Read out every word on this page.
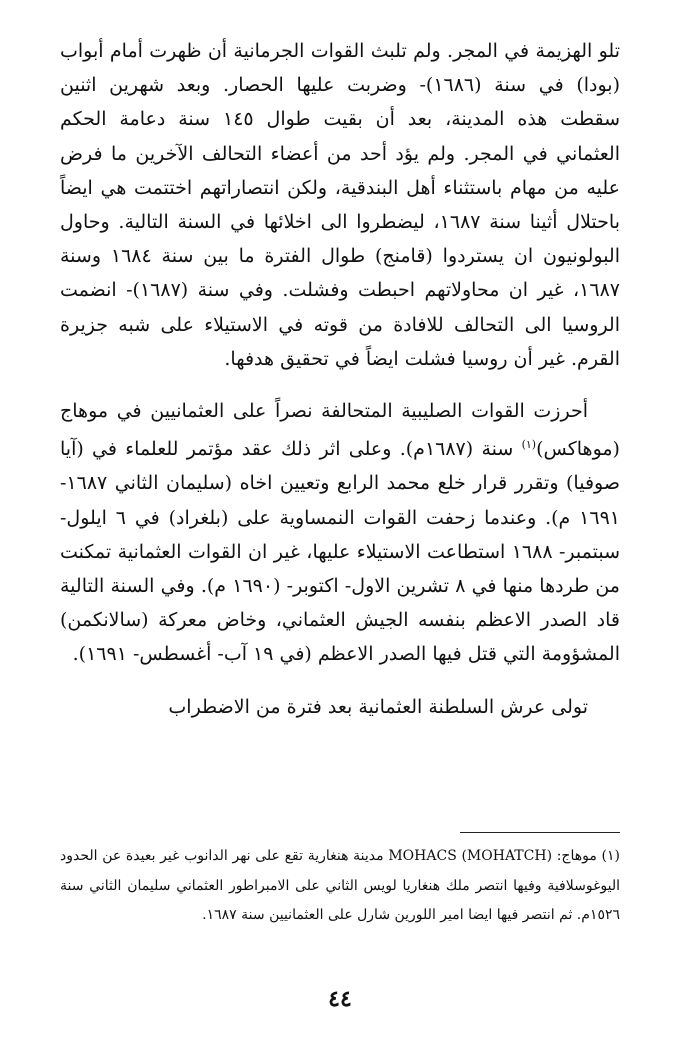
تلو الهزيمة في المجر. ولم تلبث القوات الجرمانية أن ظهرت أمام أبواب (بودا) في سنة (١٦٨٦)- وضربت عليها الحصار. وبعد شهرين اثنين سقطت هذه المدينة، بعد أن بقيت طوال ١٤٥ سنة دعامة الحكم العثماني في المجر. ولم يؤد أحد من أعضاء التحالف الآخرين ما فرض عليه من مهام باستثناء أهل البندقية، ولكن انتصاراتهم اختتمت هي ايضاً باحتلال أثينا سنة ١٦٨٧، ليضطروا الى اخلائها في السنة التالية. وحاول البولونيون ان يستردوا (قامنج) طوال الفترة ما بين سنة ١٦٨٤ وسنة ١٦٨٧، غير ان محاولاتهم احبطت وفشلت. وفي سنة (١٦٨٧)- انضمت الروسيا الى التحالف للافادة من قوته في الاستيلاء على شبه جزيرة القرم. غير أن روسيا فشلت ايضاً في تحقيق هدفها.

أحرزت القوات الصليبية المتحالفة نصراً على العثمانيين في موهاج (موهاكس)$^{(١)}$ سنة (١٦٨٧م). وعلى اثر ذلك عقد مؤتمر للعلماء في (آيا صوفيا) وتقرر قرار خلع محمد الرابع وتعيين اخاه (سليمان الثاني ١٦٨٧- ١٦٩١ م). وعندما زحفت القوات النمساوية على (بلغراد) في ٦ ايلول- سبتمبر- ١٦٨٨ استطاعت الاستيلاء عليها، غير ان القوات العثمانية تمكنت من طردها منها في ٨ تشرين الاول- اكتوبر- (١٦٩٠ م). وفي السنة التالية قاد الصدر الاعظم بنفسه الجيش العثماني، وخاض معركة (سالانكمن) المشؤومة التي قتل فيها الصدر الاعظم (في ١٩ آب- أغسطس- ١٦٩١).

تولى عرش السلطنة العثمانية بعد فترة من الاضطراب

(١) موهاج: (MOHACS (MOHATCH مدينة هنغارية تقع على نهر الدانوب غير بعيدة عن الحدود اليوغوسلافية وفيها انتصر ملك هنغاريا لويس الثاني على الامبراطور العثماني سليمان الثاني سنة ١٥٢٦م. ثم انتصر فيها ايضا امير اللورين شارل على العثمانيين سنة ١٦٨٧.

٤٤
